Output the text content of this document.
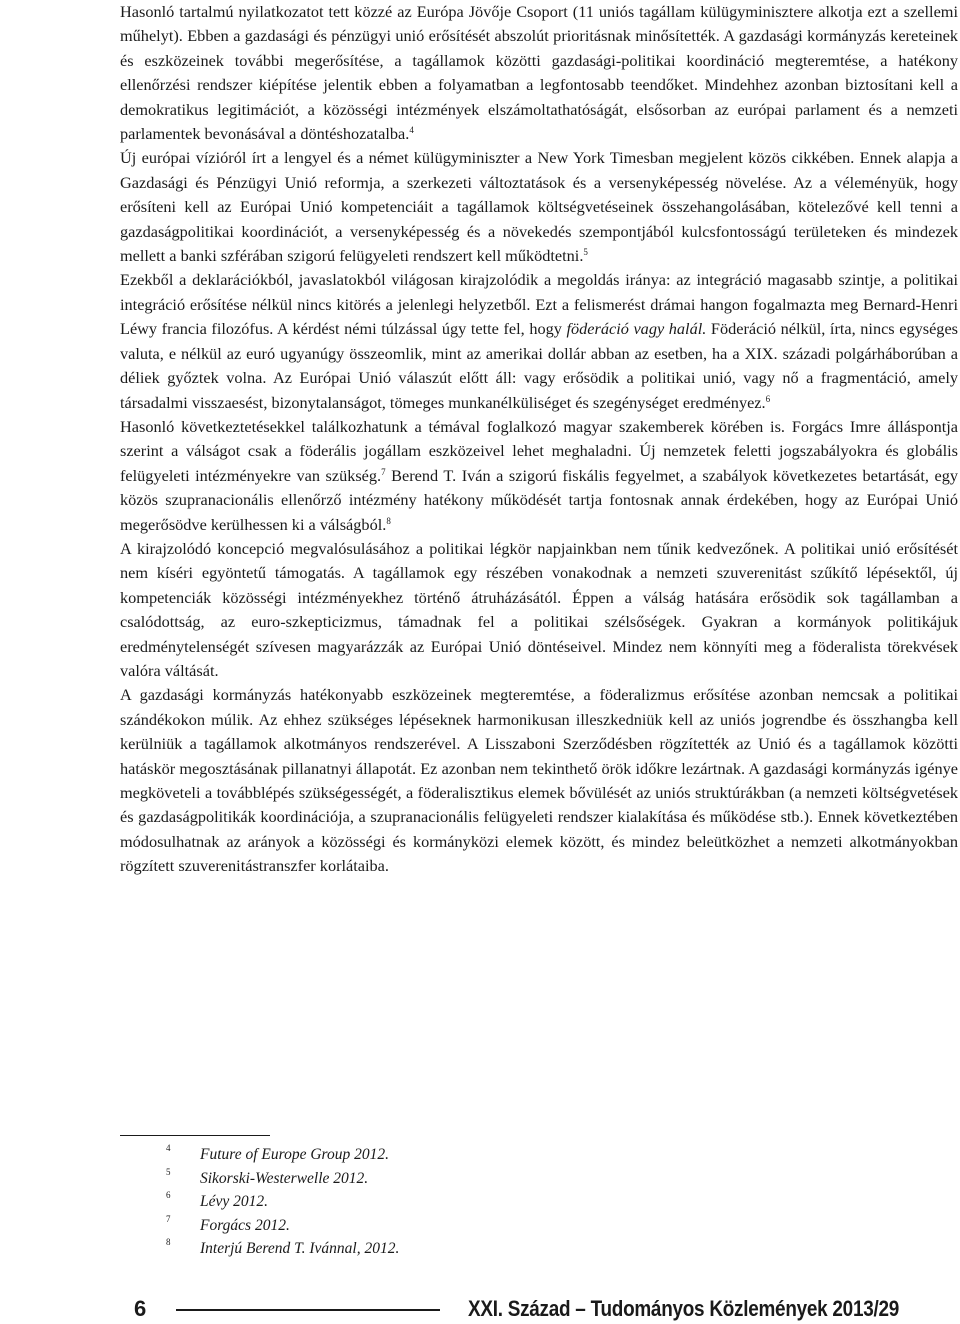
Hasonló tartalmú nyilatkozatot tett közzé az Európa Jövője Csoport (11 uniós tagállam külügyminiszterе alkotja ezt a szellemi műhelyt). Ebben a gazdasági és pénzügyi unió erősítését abszolút prioritásnak minősítették. A gazdasági kormányzás kereteinek és eszközeinek további megerősítése, a tagállamok közötti gazdasági-politikai koordináció megteremtése, a hatékony ellenőrzési rendszer kiépítése jelentik ebben a folyamatban a legfontosabb teendőket. Mindehhez azonban biztosítani kell a demokratikus legitimációt, a közösségi intézmények elszámoltathatóságát, elsősorban az európai parlament és a nemzeti parlamentek bevonásával a döntéshozatalba.$^4$

Új európai vízióról írt a lengyel és a német külügyminiszter a New York Timesban megjelent közös cikkében. Ennek alapja a Gazdasági és Pénzügyi Unió reformja, a szerkezeti változtatások és a versenyképesség növelése. Az a véleményük, hogy erősíteni kell az Európai Unió kompetenciáit a tagállamok költségvetéseinek összehangolásában, kötelezővé kell tenni a gazdaságpolitikai koordinációt, a versenyképesség és a növekedés szempontjából kulcsfontosságú területeken és mindezek mellett a banki szférában szigorú felügyeleti rendszert kell működtetni.$^5$

Ezekből a deklarációkból, javaslatokból világosan kirajzolódik a megoldás iránya: az integráció magasabb szintje, a politikai integráció erősítése nélkül nincs kitörés a jelenlegi helyzetből. Ezt a felismerést drámai hangon fogalmazta meg Bernard-Henri Léwy francia filozófus. A kérdést némi túlzással úgy tette fel, hogy föderáció vagy halál. Föderáció nélkül, írta, nincs egységes valuta, e nélkül az euró ugyanúgy összeomlik, mint az amerikai dollár abban az esetben, ha a XIX. századi polgárháborúban a déliek győztek volna. Az Európai Unió válaszút előtt áll: vagy erősödik a politikai unió, vagy nő a fragmentáció, amely társadalmi visszaesést, bizonytalanságot, tömeges munkanélküliséget és szegénységet eredményez.$^6$

Hasonló következtetésekkel találkozhatunk a témával foglalkozó magyar szakemberek körében is. Forgács Imre álláspontja szerint a válságot csak a föderális jogállam eszközeivel lehet meghaladni. Új nemzetek feletti jogszabályokra és globális felügyeleti intézményekre van szükség.$^7$ Berend T. Iván a szigorú fiskális fegyelmet, a szabályok következetes betartását, egy közös szupranacionális ellenőrző intézmény hatékony működését tartja fontosnak annak érdekében, hogy az Európai Unió megerősödve kerülhessen ki a válságból.$^8$

A kirajzolódó koncepció megvalósulásához a politikai légkör napjainkban nem tűnik kedvezőnek. A politikai unió erősítését nem kíséri egyöntetű támogatás. A tagállamok egy részében vonakodnak a nemzeti szuverenitást szűkítő lépésektől, új kompetenciák közösségi intézményekhez történő átruházásától. Éppen a válság hatására erősödik sok tagállamban a csalódottság, az euro-szkepticizmus, támadnak fel a politikai szélsőségek. Gyakran a kormányok politikájuk eredménytelenségét szívesen magyarázzák az Európai Unió döntéseivel. Mindez nem könnyíti meg a föderalista törekvések valóra váltását.

A gazdasági kormányzás hatékonyabb eszközeinek megteremtése, a föderalizmus erősítése azonban nemcsak a politikai szándékokon múlik. Az ehhez szükséges lépéseknek harmonikusan illeszkedniük kell az uniós jogrendbe és összhangba kell kerülniük a tagállamok alkotmányos rendszerével. A Lisszaboni Szerződésben rögzítették az Unió és a tagállamok közötti hatáskör megosztásának pillanatnyi állapotát. Ez azonban nem tekinthető örök időkre lezártnak. A gazdasági kormányzás igénye megköveteli a továbblépés szükségességét, a föderalisztikus elemek bővülését az uniós struktúrákban (a nemzeti költségvetések és gazdaságpolitikák koordinációja, a szupranacionális felügyeleti rendszer kialakítása és működése stb.). Ennek következtében módosulhatnak az arányok a közösségi és kormányközi elemek között, és mindez beleütközhet a nemzeti alkotmányokban rögzített szuverenitástranszfer korlátaiba.

4 Future of Europe Group 2012.
5 Sikorski-Westerwelle 2012.
6 Lévy 2012.
7 Forgács 2012.
8 Interjú Berend T. Ivánnal, 2012.
6	XXI. Század – Tudományos Közlemények 2013/29
